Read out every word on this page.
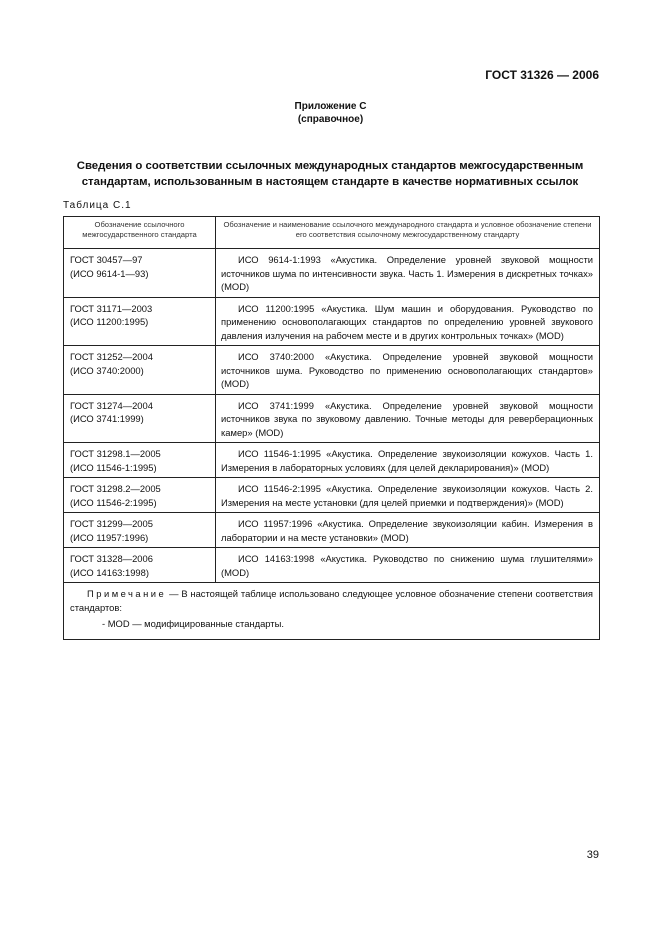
ГОСТ 31326 — 2006
Приложение С
(справочное)
Сведения о соответствии ссылочных международных стандартов межгосударственным стандартам, использованным в настоящем стандарте в качестве нормативных ссылок
Таблица С.1
Обозначение ссылочного межгосударственного стандарта	Обозначение и наименование ссылочного международного стандарта и условное обозначение степени его соответствия ссылочному межгосударственному стандарту

ГОСТ 30457—97
(ИСО 9614-1—93)	ИСО 9614-1:1993 «Акустика. Определение уровней звуковой мощности источников шума по интенсивности звука. Часть 1. Измерения в дискретных точках» (MOD)

ГОСТ 31171—2003
(ИСО 11200:1995)	ИСО 11200:1995 «Акустика. Шум машин и оборудования. Руководство по применению основополагающих стандартов по определению уровней звукового давления излучения на рабочем месте и в других контрольных точках» (MOD)

ГОСТ 31252—2004
(ИСО 3740:2000)	ИСО 3740:2000 «Акустика. Определение уровней звуковой мощности источников шума. Руководство по применению основополагающих стандартов» (MOD)

ГОСТ 31274—2004
(ИСО 3741:1999)	ИСО 3741:1999 «Акустика. Определение уровней звуковой мощности источников звука по звуковому давлению. Точные методы для реверберационных камер» (MOD)

ГОСТ 31298.1—2005
(ИСО 11546-1:1995)	ИСО 11546-1:1995 «Акустика. Определение звукоизоляции кожухов. Часть 1. Измерения в лабораторных условиях (для целей декларирования)» (MOD)

ГОСТ 31298.2—2005
(ИСО 11546-2:1995)	ИСО 11546-2:1995 «Акустика. Определение звукоизоляции кожухов. Часть 2. Измерения на месте установки (для целей приемки и подтверждения)» (MOD)

ГОСТ 31299—2005
(ИСО 11957:1996)	ИСО 11957:1996 «Акустика. Определение звукоизоляции кабин. Измерения в лаборатории и на месте установки» (MOD)

ГОСТ 31328—2006
(ИСО 14163:1998)	ИСО 14163:1998 «Акустика. Руководство по снижению шума глушителями» (MOD)

Примечание — В настоящей таблице использовано следующее условное обозначение степени соответствия стандартов:
- MOD — модифицированные стандарты.	
39
